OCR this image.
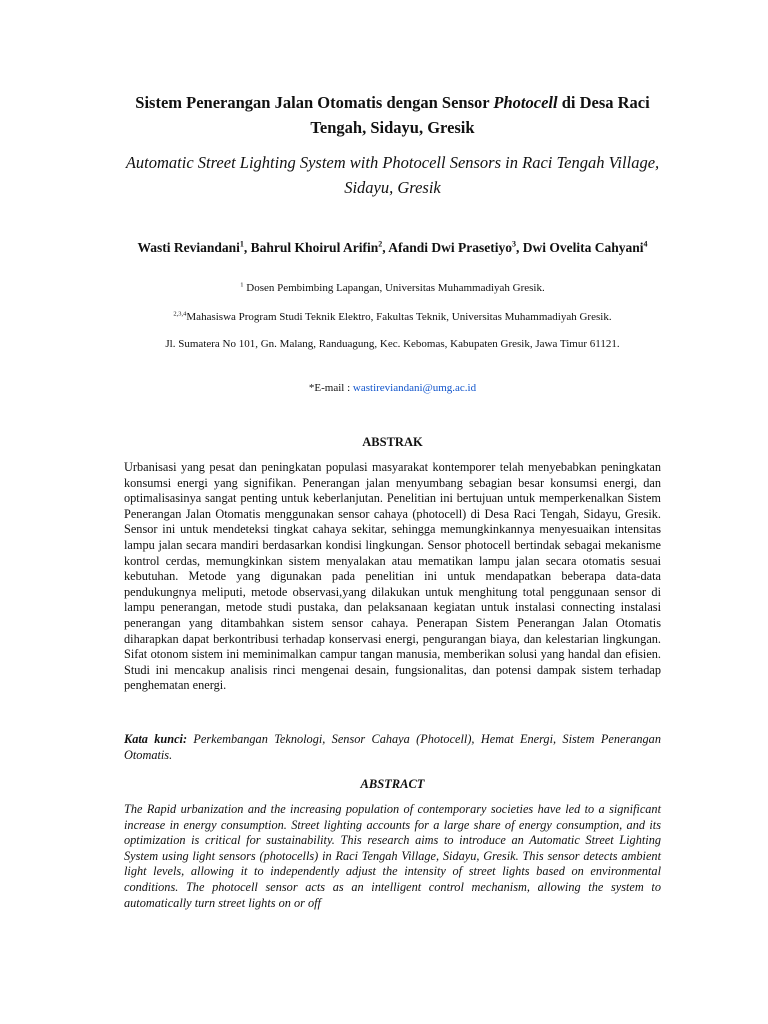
Sistem Penerangan Jalan Otomatis dengan Sensor Photocell di Desa Raci Tengah, Sidayu, Gresik
Automatic Street Lighting System with Photocell Sensors in Raci Tengah Village, Sidayu, Gresik
Wasti Reviandani$^1$, Bahrul Khoirul Arifin$^2$, Afandi Dwi Prasetiyo$^3$, Dwi Ovelita Cahyani$^4$
$^1$ Dosen Pembimbing Lapangan, Universitas Muhammadiyah Gresik.
$^{2,3,4}$Mahasiswa Program Studi Teknik Elektro, Fakultas Teknik, Universitas Muhammadiyah Gresik.
Jl. Sumatera No 101, Gn. Malang, Randuagung, Kec. Kebomas, Kabupaten Gresik, Jawa Timur 61121.
*E-mail : wastireviandani@umg.ac.id
ABSTRAK
Urbanisasi yang pesat dan peningkatan populasi masyarakat kontemporer telah menyebabkan peningkatan konsumsi energi yang signifikan. Penerangan jalan menyumbang sebagian besar konsumsi energi, dan optimalisasinya sangat penting untuk keberlanjutan. Penelitian ini bertujuan untuk memperkenalkan Sistem Penerangan Jalan Otomatis menggunakan sensor cahaya (photocell) di Desa Raci Tengah, Sidayu, Gresik. Sensor ini untuk mendeteksi tingkat cahaya sekitar, sehingga memungkinkannya menyesuaikan intensitas lampu jalan secara mandiri berdasarkan kondisi lingkungan. Sensor photocell bertindak sebagai mekanisme kontrol cerdas, memungkinkan sistem menyalakan atau mematikan lampu jalan secara otomatis sesuai kebutuhan. Metode yang digunakan pada penelitian ini untuk mendapatkan beberapa data-data pendukungnya meliputi, metode observasi,yang dilakukan untuk menghitung total penggunaan sensor di lampu penerangan, metode studi pustaka, dan pelaksanaan kegiatan untuk instalasi connecting instalasi penerangan yang ditambahkan sistem sensor cahaya. Penerapan Sistem Penerangan Jalan Otomatis diharapkan dapat berkontribusi terhadap konservasi energi, pengurangan biaya, dan kelestarian lingkungan. Sifat otonom sistem ini meminimalkan campur tangan manusia, memberikan solusi yang handal dan efisien. Studi ini mencakup analisis rinci mengenai desain, fungsionalitas, dan potensi dampak sistem terhadap penghematan energi.
Kata kunci: Perkembangan Teknologi, Sensor Cahaya (Photocell), Hemat Energi, Sistem Penerangan Otomatis.
ABSTRACT
The Rapid urbanization and the increasing population of contemporary societies have led to a significant increase in energy consumption. Street lighting accounts for a large share of energy consumption, and its optimization is critical for sustainability. This research aims to introduce an Automatic Street Lighting System using light sensors (photocells) in Raci Tengah Village, Sidayu, Gresik. This sensor detects ambient light levels, allowing it to independently adjust the intensity of street lights based on environmental conditions. The photocell sensor acts as an intelligent control mechanism, allowing the system to automatically turn street lights on or off
